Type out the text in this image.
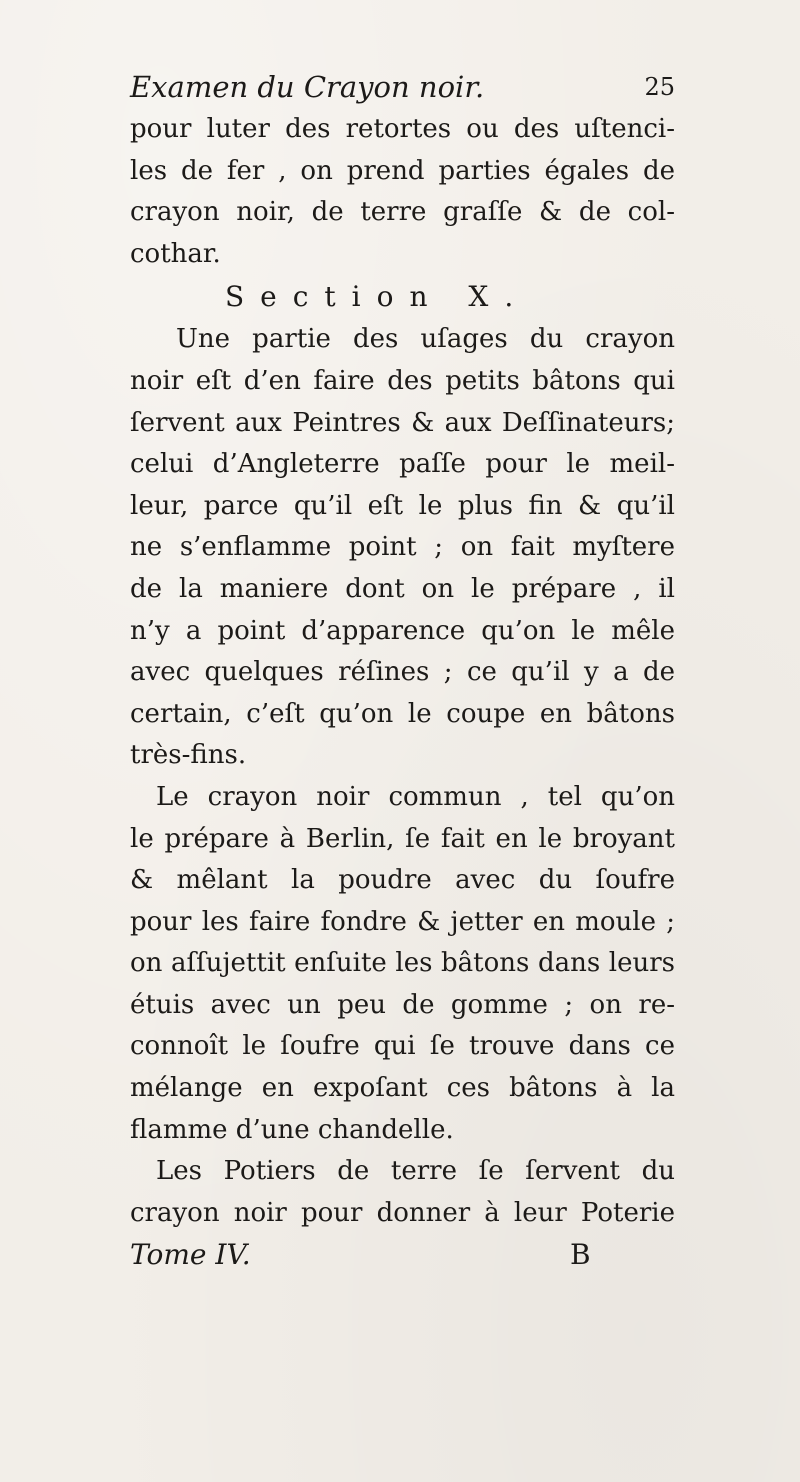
Examen du Crayon noir.	25
pour luter des retortes ou des uſtenci-
les de fer , on prend parties égales de
crayon noir, de terre graſſe & de col-
cothar.
Section X.
Une partie des uſages du crayon
noir eſt d’en faire des petits bâtons qui
ſervent aux Peintres & aux Deſſinateurs;
celui d’Angleterre paſſe pour le meil-
leur, parce qu’il eſt le plus fin & qu’il
ne s’enflamme point ; on fait myſtere
de la maniere dont on le prépare , il
n’y a point d’apparence qu’on le mêle
avec quelques réſines ; ce qu’il y a de
certain, c’eſt qu’on le coupe en bâtons
très-fins.
Le crayon noir commun , tel qu’on
le prépare à Berlin, ſe fait en le broyant
& mêlant la poudre avec du ſoufre
pour les faire fondre & jetter en moule ;
on aſſujettit enſuite les bâtons dans leurs
étuis avec un peu de gomme ; on re-
connoît le ſoufre qui ſe trouve dans ce
mélange en expoſant ces bâtons à la
flamme d’une chandelle.
Les Potiers de terre ſe ſervent du
crayon noir pour donner à leur Poterie
Tome IV.	B
